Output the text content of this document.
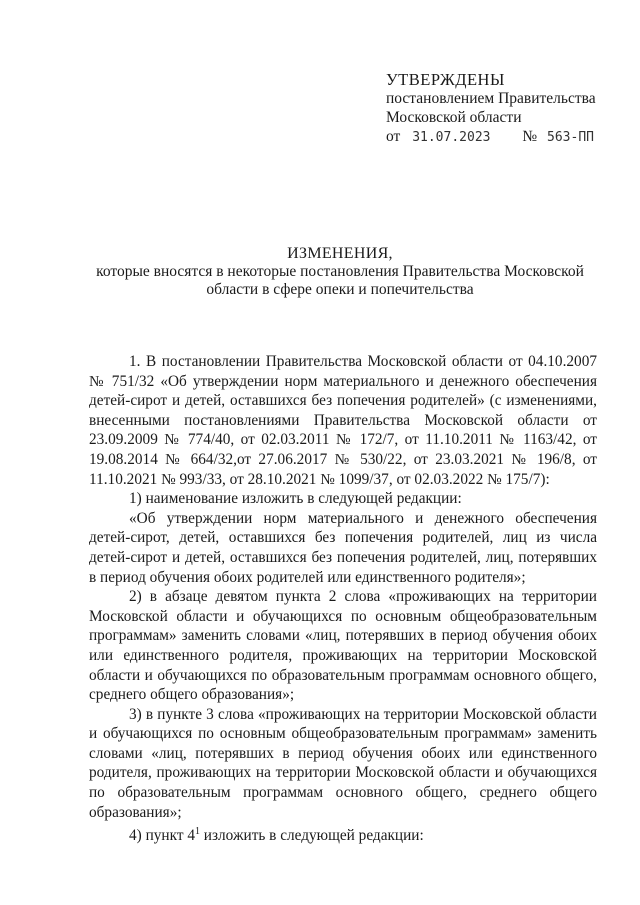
УТВЕРЖДЕНЫ
постановлением Правительства
Московской области
от 31.07.2023 № 563-ПП
ИЗМЕНЕНИЯ,
которые вносятся в некоторые постановления Правительства Московской
области в сфере опеки и попечительства

1. В постановлении Правительства Московской области от 04.10.2007 № 751/32 «Об утверждении норм материального и денежного обеспечения детей-сирот и детей, оставшихся без попечения родителей» (с изменениями, внесенными постановлениями Правительства Московской области от 23.09.2009 № 774/40, от 02.03.2011 № 172/7, от 11.10.2011 № 1163/42, от 19.08.2014 № 664/32,от 27.06.2017 № 530/22, от 23.03.2021 № 196/8, от 11.10.2021 № 993/33, от 28.10.2021 № 1099/37, от 02.03.2022 № 175/7):

1) наименование изложить в следующей редакции:

«Об утверждении норм материального и денежного обеспечения детей-сирот, детей, оставшихся без попечения родителей, лиц из числа детей-сирот и детей, оставшихся без попечения родителей, лиц, потерявших в период обучения обоих родителей или единственного родителя»;

2) в абзаце девятом пункта 2 слова «проживающих на территории Московской области и обучающихся по основным общеобразовательным программам» заменить словами «лиц, потерявших в период обучения обоих или единственного родителя, проживающих на территории Московской области и обучающихся по образовательным программам основного общего, среднего общего образования»;

3) в пункте 3 слова «проживающих на территории Московской области и обучающихся по основным общеобразовательным программам» заменить словами «лиц, потерявших в период обучения обоих или единственного родителя, проживающих на территории Московской области и обучающихся по образовательным программам основного общего, среднего общего образования»;

4) пункт $4^1$ изложить в следующей редакции:
